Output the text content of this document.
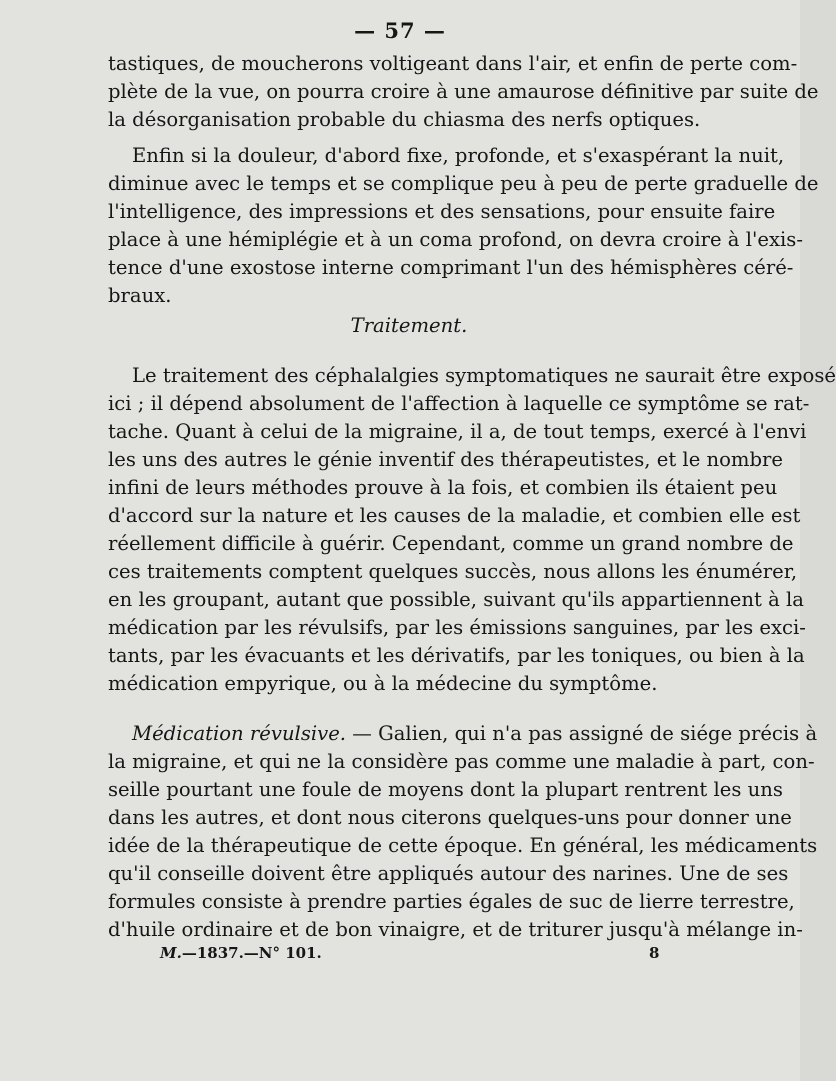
— 57 —
tastiques, de moucherons voltigeant dans l'air, et enfin de perte com-
plète de la vue, on pourra croire à une amaurose définitive par suite de
la désorganisation probable du chiasma des nerfs optiques.
Enfin si la douleur, d'abord fixe, profonde, et s'exaspérant la nuit,
diminue avec le temps et se complique peu à peu de perte graduelle de
l'intelligence, des impressions et des sensations, pour ensuite faire
place à une hémiplégie et à un coma profond, on devra croire à l'exis-
tence d'une exostose interne comprimant l'un des hémisphères céré-
braux.
Traitement.
Le traitement des céphalalgies symptomatiques ne saurait être exposé
ici ; il dépend absolument de l'affection à laquelle ce symptôme se rat-
tache. Quant à celui de la migraine, il a, de tout temps, exercé à l'envi
les uns des autres le génie inventif des thérapeutistes, et le nombre
infini de leurs méthodes prouve à la fois, et combien ils étaient peu
d'accord sur la nature et les causes de la maladie, et combien elle est
réellement difficile à guérir. Cependant, comme un grand nombre de
ces traitements comptent quelques succès, nous allons les énumérer,
en les groupant, autant que possible, suivant qu'ils appartiennent à la
médication par les révulsifs, par les émissions sanguines, par les exci-
tants, par les évacuants et les dérivatifs, par les toniques, ou bien à la
médication empyrique, ou à la médecine du symptôme.
Médication révulsive. — Galien, qui n'a pas assigné de siége précis à
la migraine, et qui ne la considère pas comme une maladie à part, con-
seille pourtant une foule de moyens dont la plupart rentrent les uns
dans les autres, et dont nous citerons quelques-uns pour donner une
idée de la thérapeutique de cette époque. En général, les médicaments
qu'il conseille doivent être appliqués autour des narines. Une de ses
formules consiste à prendre parties égales de suc de lierre terrestre,
d'huile ordinaire et de bon vinaigre, et de triturer jusqu'à mélange in-
M.—1837.—N° 101.	8
